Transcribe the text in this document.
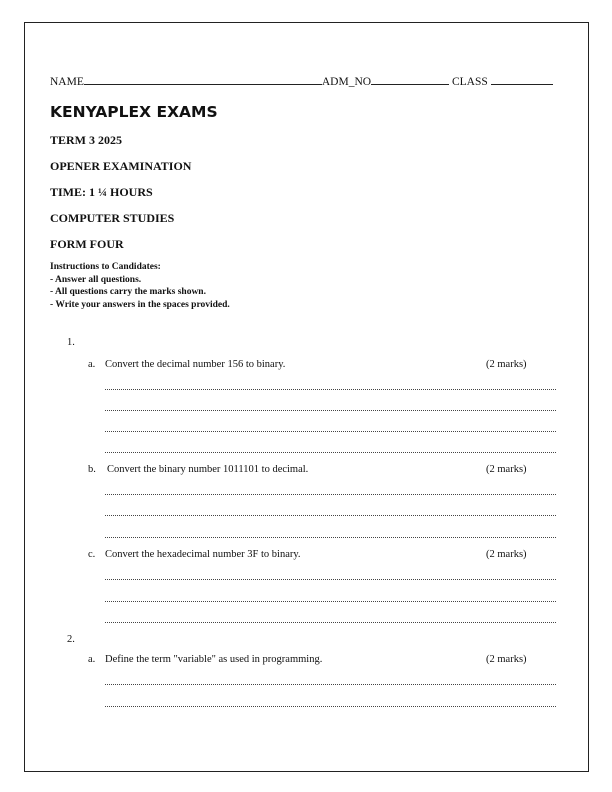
NAME	ADM_NO	CLASS
KENYAPLEX EXAMS
TERM 3 2025
OPENER EXAMINATION
TIME: 1 ¼ HOURS
COMPUTER STUDIES
FORM FOUR
Instructions to Candidates:
- Answer all questions.
- All questions carry the marks shown.
- Write your answers in the spaces provided.
1.
a. Convert the decimal number 156 to binary.	(2 marks)
b. Convert the binary number 1011101 to decimal.	(2 marks)
c. Convert the hexadecimal number 3F to binary.	(2 marks)
2.
a. Define the term "variable" as used in programming.	(2 marks)
